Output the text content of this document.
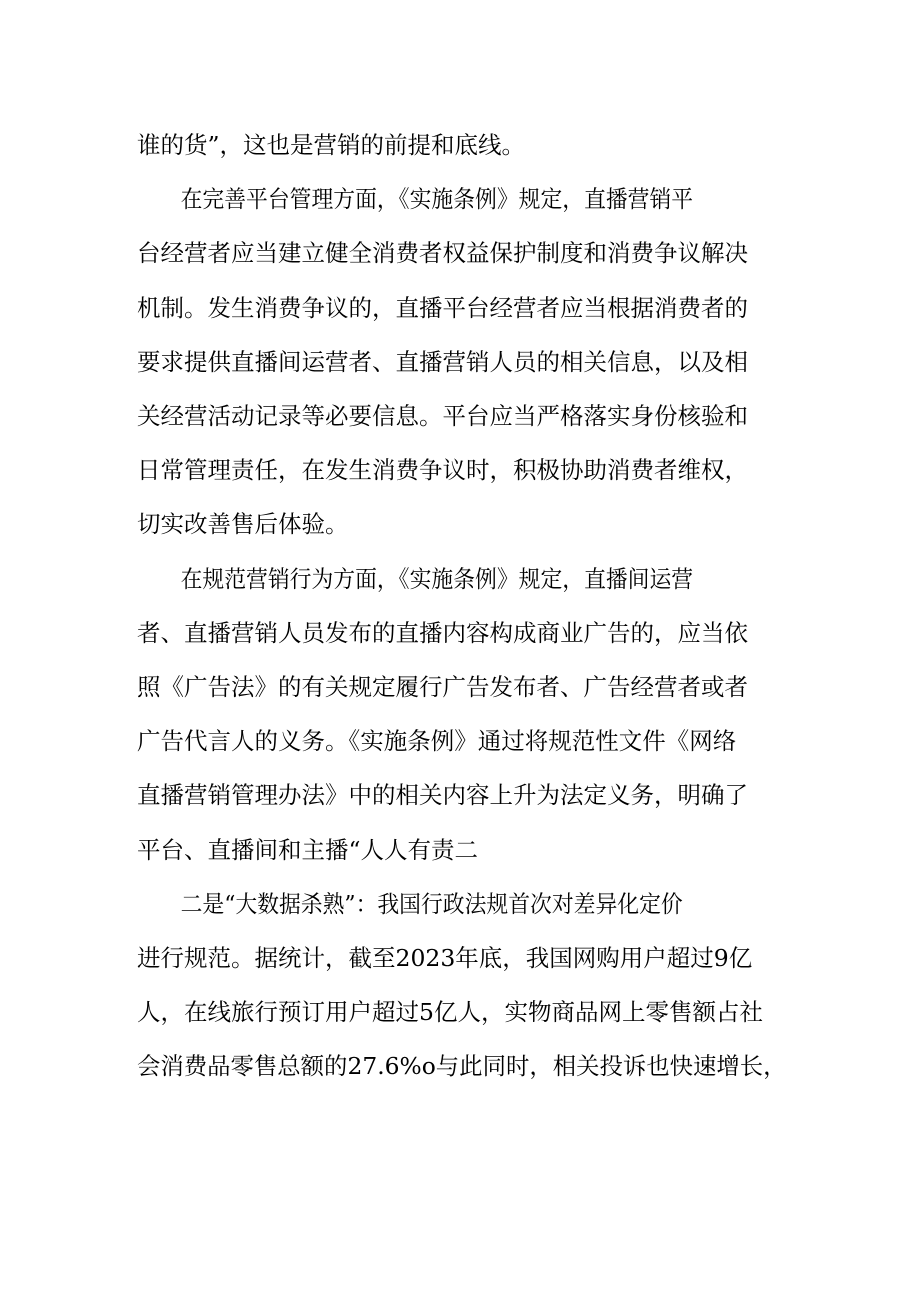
谁的货”，这也是营销的前提和底线。

在完善平台管理方面，《实施条例》规定，直播营销平
台经营者应当建立健全消费者权益保护制度和消费争议解决
机制。发生消费争议的，直播平台经营者应当根据消费者的
要求提供直播间运营者、直播营销人员的相关信息，以及相
关经营活动记录等必要信息。平台应当严格落实身份核验和
日常管理责任，在发生消费争议时，积极协助消费者维权，
切实改善售后体验。

在规范营销行为方面，《实施条例》规定，直播间运营
者、直播营销人员发布的直播内容构成商业广告的，应当依
照《广告法》的有关规定履行广告发布者、广告经营者或者
广告代言人的义务。《实施条例》通过将规范性文件《网络
直播营销管理办法》中的相关内容上升为法定义务，明确了
平台、直播间和主播“人人有责二

二是“大数据杀熟”：我国行政法规首次对差异化定价
进行规范。据统计，截至2023年底，我国网购用户超过9亿
人，在线旅行预订用户超过5亿人，实物商品网上零售额占社
会消费品零售总额的27.6%o与此同时，相关投诉也快速增长，
